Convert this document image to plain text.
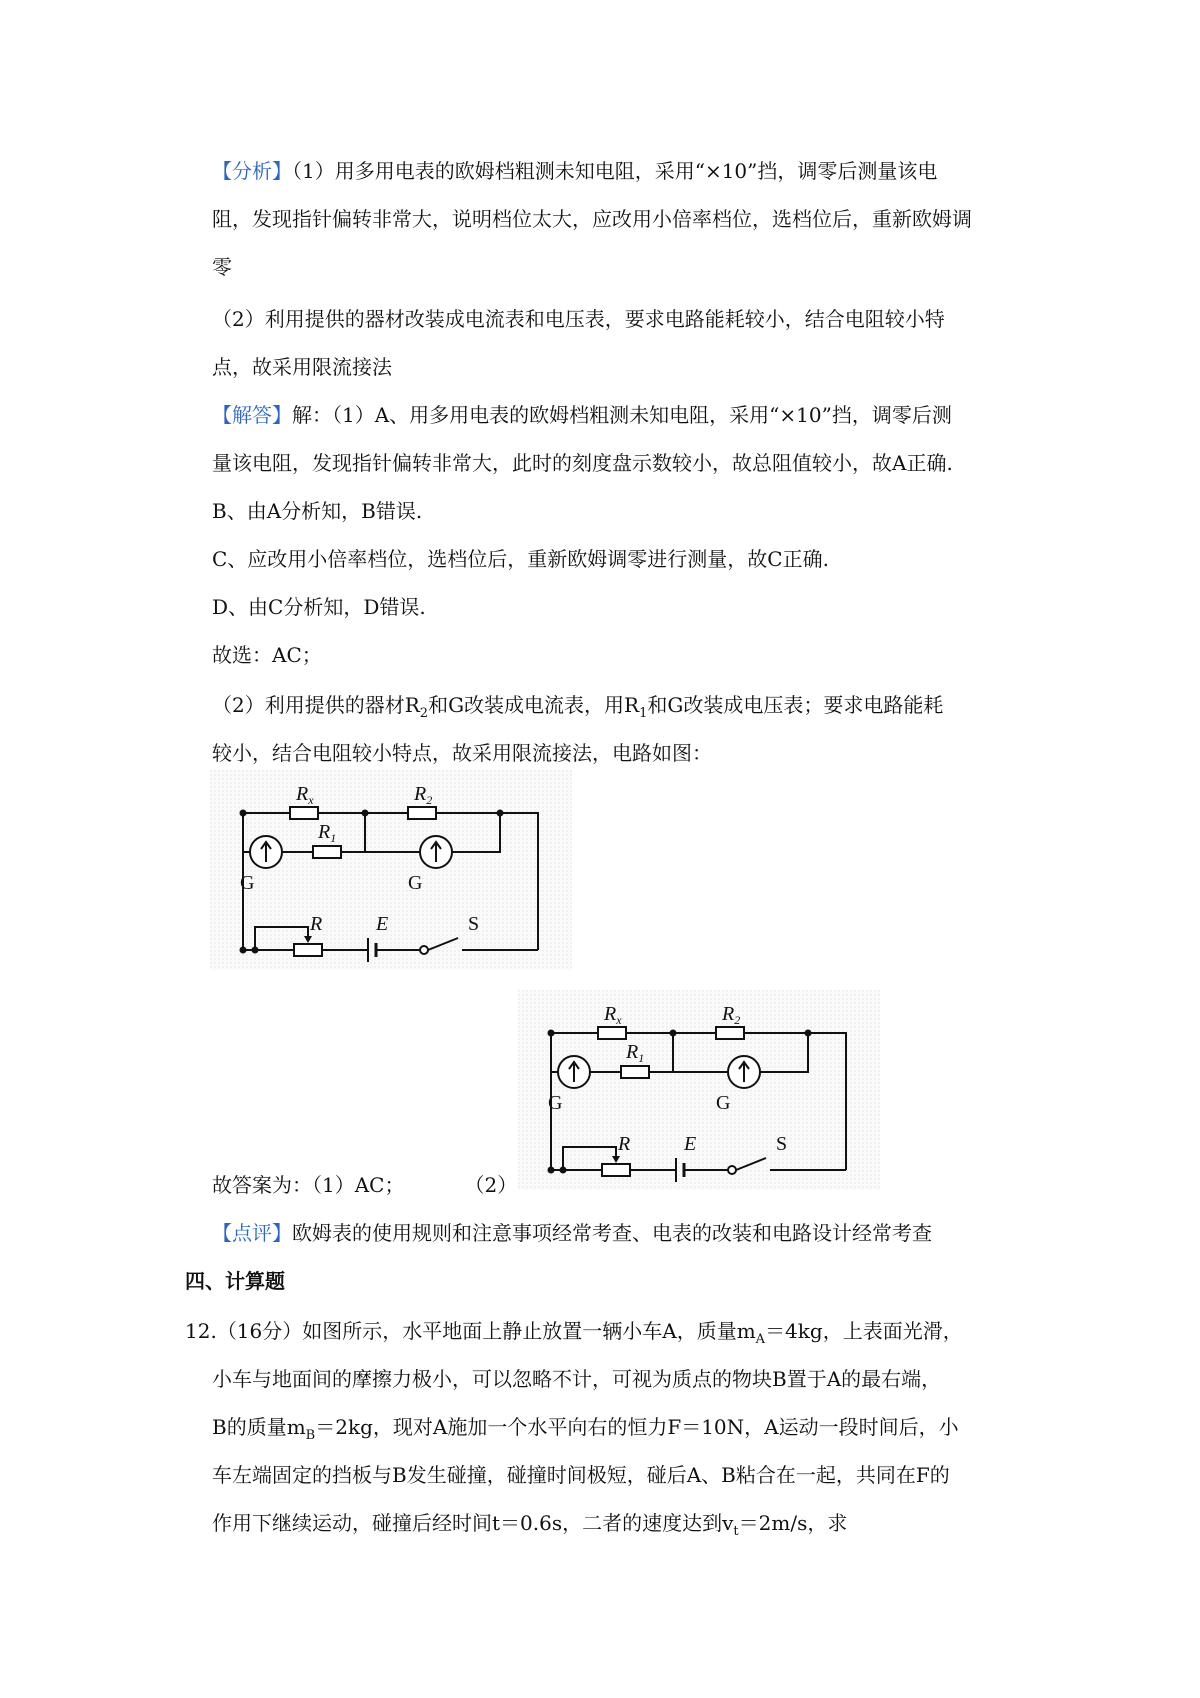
【分析】（1）用多用电表的欧姆档粗测未知电阻，采用“×10”挡，调零后测量该电
阻，发现指针偏转非常大，说明档位太大，应改用小倍率档位，选档位后，重新欧姆调
零
（2）利用提供的器材改装成电流表和电压表，要求电路能耗较小，结合电阻较小特
点，故采用限流接法
【解答】解：（1）A、用多用电表的欧姆档粗测未知电阻，采用“×10”挡，调零后测
量该电阻，发现指针偏转非常大，此时的刻度盘示数较小，故总阻值较小，故A正确.
B、由A分析知，B错误.
C、应改用小倍率档位，选档位后，重新欧姆调零进行测量，故C正确.
D、由C分析知，D错误.
故选：AC；
（2）利用提供的器材$R_2$和G改装成电流表，用$R_1$和G改装成电压表；要求电路能耗
较小，结合电阻较小特点，故采用限流接法，电路如图：
$R_x$	$R_2$
$R_1$
R	E
G	G
S
$R_x$	$R_2$
$R_1$
R	E
G	G
S
故答案为：（1）AC；	（2）
【点评】欧姆表的使用规则和注意事项经常考查、电表的改装和电路设计经常考查
四、计算题
12.（16分）如图所示，水平地面上静止放置一辆小车A，质量$m_A=4kg$，上表面光滑，
小车与地面间的摩擦力极小，可以忽略不计，可视为质点的物块B置于A的最右端，
B的质量$m_B=2kg$，现对A施加一个水平向右的恒力F＝10N，A运动一段时间后，小
车左端固定的挡板与B发生碰撞，碰撞时间极短，碰后A、B粘合在一起，共同在F的
作用下继续运动，碰撞后经时间t＝0.6s，二者的速度达到$v_t=2m/s$，求
